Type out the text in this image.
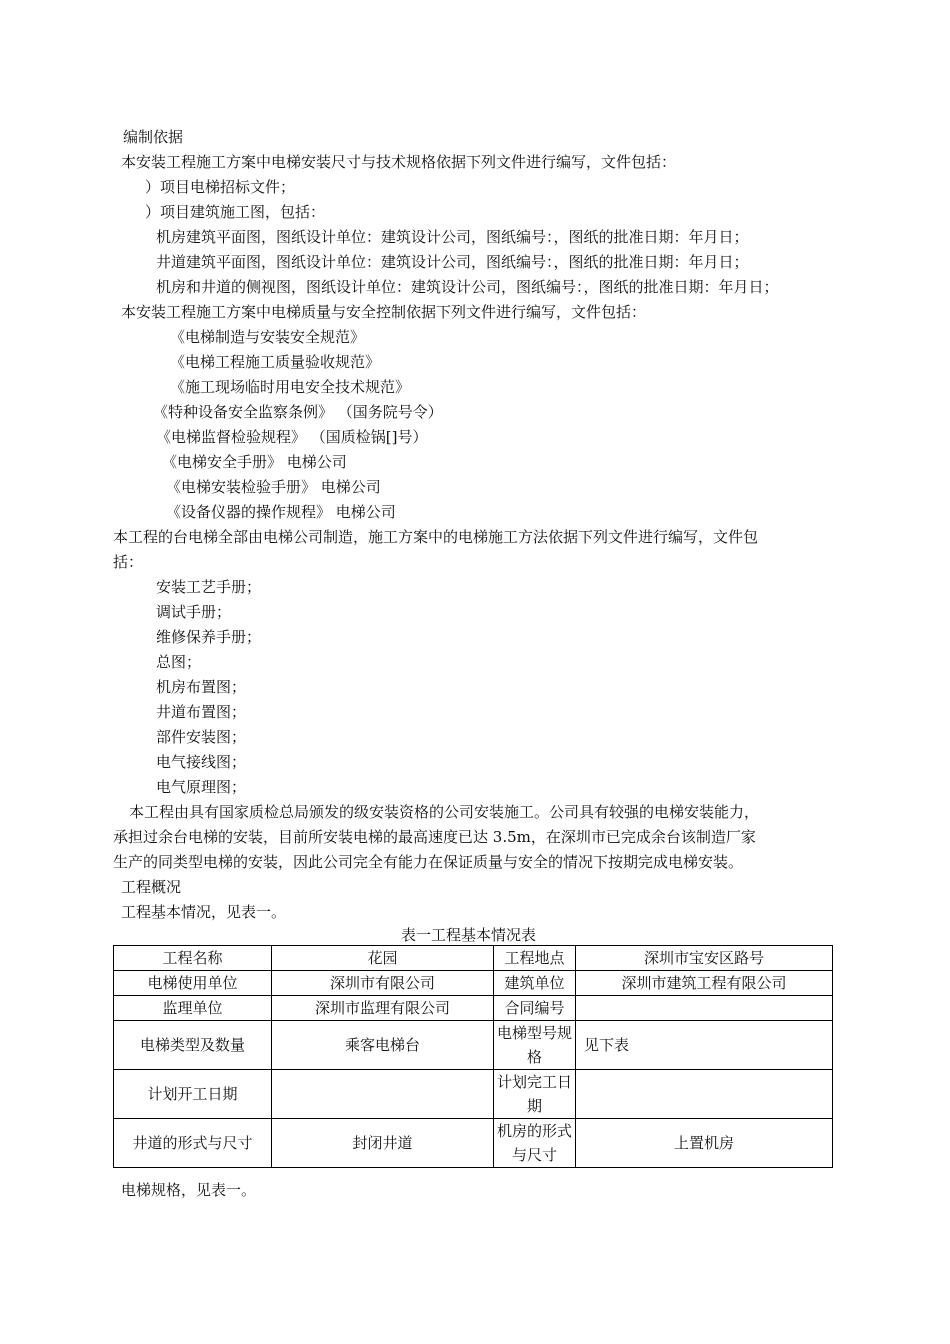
编制依据
本安装工程施工方案中电梯安装尺寸与技术规格依据下列文件进行编写，文件包括：
）项目电梯招标文件；
）项目建筑施工图，包括：
机房建筑平面图，图纸设计单位：建筑设计公司，图纸编号：，图纸的批准日期：年月日；
井道建筑平面图，图纸设计单位：建筑设计公司，图纸编号：，图纸的批准日期：年月日；
机房和井道的侧视图，图纸设计单位：建筑设计公司，图纸编号：，图纸的批准日期：年月日；
本安装工程施工方案中电梯质量与安全控制依据下列文件进行编写，文件包括：
《电梯制造与安装安全规范》
《电梯工程施工质量验收规范》
《施工现场临时用电安全技术规范》
《特种设备安全监察条例》 （国务院号令）
《电梯监督检验规程》 （国质检锅[]号）
《电梯安全手册》 电梯公司
《电梯安装检验手册》 电梯公司
《设备仪器的操作规程》 电梯公司
本工程的台电梯全部由电梯公司制造，施工方案中的电梯施工方法依据下列文件进行编写，文件包
括：
安装工艺手册；
调试手册；
维修保养手册；
总图；
机房布置图；
井道布置图；
部件安装图；
电气接线图；
电气原理图；
本工程由具有国家质检总局颁发的级安装资格的公司安装施工。公司具有较强的电梯安装能力，
承担过余台电梯的安装，目前所安装电梯的最高速度已达 3.5m，在深圳市已完成余台该制造厂家
生产的同类型电梯的安装，因此公司完全有能力在保证质量与安全的情况下按期完成电梯安装。
工程概况
工程基本情况，见表一。
表一工程基本情况表
工程名称	花园	工程地点	深圳市宝安区路号
电梯使用单位	深圳市有限公司	建筑单位	深圳市建筑工程有限公司
监理单位	深圳市监理有限公司	合同编号	
电梯类型及数量	乘客电梯台	电梯型号规格	见下表
计划开工日期		计划完工日期	
井道的形式与尺寸	封闭井道	机房的形式与尺寸	上置机房
电梯规格，见表一。
